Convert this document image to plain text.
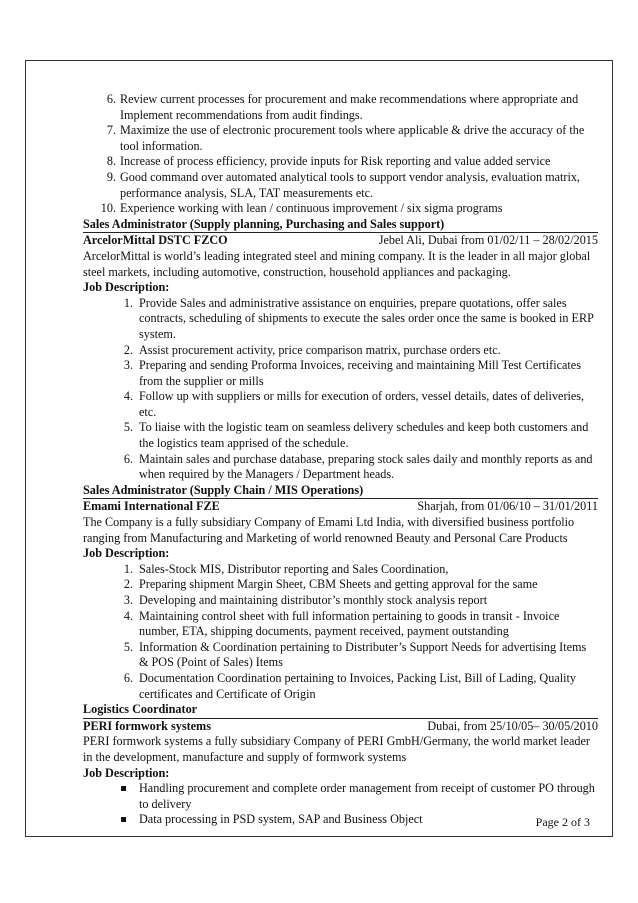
6. Review current processes for procurement and make recommendations where appropriate and Implement recommendations from audit findings.
7. Maximize the use of electronic procurement tools where applicable & drive the accuracy of the tool information.
8. Increase of process efficiency, provide inputs for Risk reporting and value added service
9. Good command over automated analytical tools to support vendor analysis, evaluation matrix, performance analysis, SLA, TAT measurements etc.
10. Experience working with lean / continuous improvement / six sigma programs
Sales Administrator (Supply planning, Purchasing and Sales support)
ArcelorMittal DSTC FZCO	Jebel Ali, Dubai from 01/02/11 – 28/02/2015
ArcelorMittal is world’s leading integrated steel and mining company. It is the leader in all major global steel markets, including automotive, construction, household appliances and packaging.
Job Description:
1. Provide Sales and administrative assistance on enquiries, prepare quotations, offer sales contracts, scheduling of shipments to execute the sales order once the same is booked in ERP system.
2. Assist procurement activity, price comparison matrix, purchase orders etc.
3. Preparing and sending Proforma Invoices, receiving and maintaining Mill Test Certificates from the supplier or mills
4. Follow up with suppliers or mills for execution of orders, vessel details, dates of deliveries, etc.
5. To liaise with the logistic team on seamless delivery schedules and keep both customers and the logistics team apprised of the schedule.
6. Maintain sales and purchase database, preparing stock sales daily and monthly reports as and when required by the Managers / Department heads.
Sales Administrator (Supply Chain / MIS Operations)
Emami International FZE	Sharjah, from 01/06/10 – 31/01/2011
The Company is a fully subsidiary Company of Emami Ltd India, with diversified business portfolio ranging from Manufacturing and Marketing of world renowned Beauty and Personal Care Products
Job Description:
1. Sales-Stock MIS, Distributor reporting and Sales Coordination,
2. Preparing shipment Margin Sheet, CBM Sheets and getting approval for the same
3. Developing and maintaining distributor’s monthly stock analysis report
4. Maintaining control sheet with full information pertaining to goods in transit - Invoice number, ETA, shipping documents, payment received, payment outstanding
5. Information & Coordination pertaining to Distributer’s Support Needs for advertising Items & POS (Point of Sales) Items
6. Documentation Coordination pertaining to Invoices, Packing List, Bill of Lading, Quality certificates and Certificate of Origin
Logistics Coordinator
PERI formwork systems	Dubai, from 25/10/05– 30/05/2010
PERI formwork systems a fully subsidiary Company of PERI GmbH/Germany, the world market leader in the development, manufacture and supply of formwork systems
Job Description:
Handling procurement and complete order management from receipt of customer PO through to delivery
Data processing in PSD system, SAP and Business Object	Page 2 of 3
